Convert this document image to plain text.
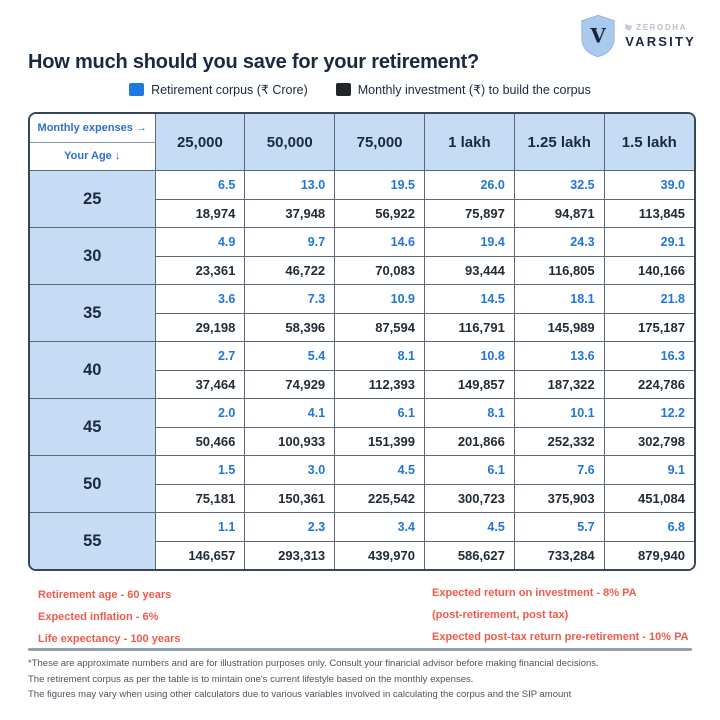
How much should you save for your retirement?
V	ZERODHA
VARSITY
Retirement corpus (₹ Crore)	Monthly investment (₹) to build the corpus
Monthly expenses →
Your Age ↓	25,000	50,000	75,000	1 lakh	1.25 lakh	1.5 lakh
25	6.5	13.0	19.5	26.0	32.5	39.0
	18,974	37,948	56,922	75,897	94,871	113,845
30	4.9	9.7	14.6	19.4	24.3	29.1
	23,361	46,722	70,083	93,444	116,805	140,166
35	3.6	7.3	10.9	14.5	18.1	21.8
	29,198	58,396	87,594	116,791	145,989	175,187
40	2.7	5.4	8.1	10.8	13.6	16.3
	37,464	74,929	112,393	149,857	187,322	224,786
45	2.0	4.1	6.1	8.1	10.1	12.2
	50,466	100,933	151,399	201,866	252,332	302,798
50	1.5	3.0	4.5	6.1	7.6	9.1
	75,181	150,361	225,542	300,723	375,903	451,084
55	1.1	2.3	3.4	4.5	5.7	6.8
	146,657	293,313	439,970	586,627	733,284	879,940
Retirement age - 60 years
Expected inflation - 6%
Life expectancy - 100 years
Expected return on investment - 8% PA
(post-retirement, post tax)
Expected post-tax return pre-retirement - 10% PA
*These are approximate numbers and are for illustration purposes only. Consult your financial advisor before making financial decisions.
The retirement corpus as per the table is to mintain one's current lifestyle based on the monthly expenses.
The figures may vary when using other calculators due to various variables involved in calculating the corpus and the SIP amount
